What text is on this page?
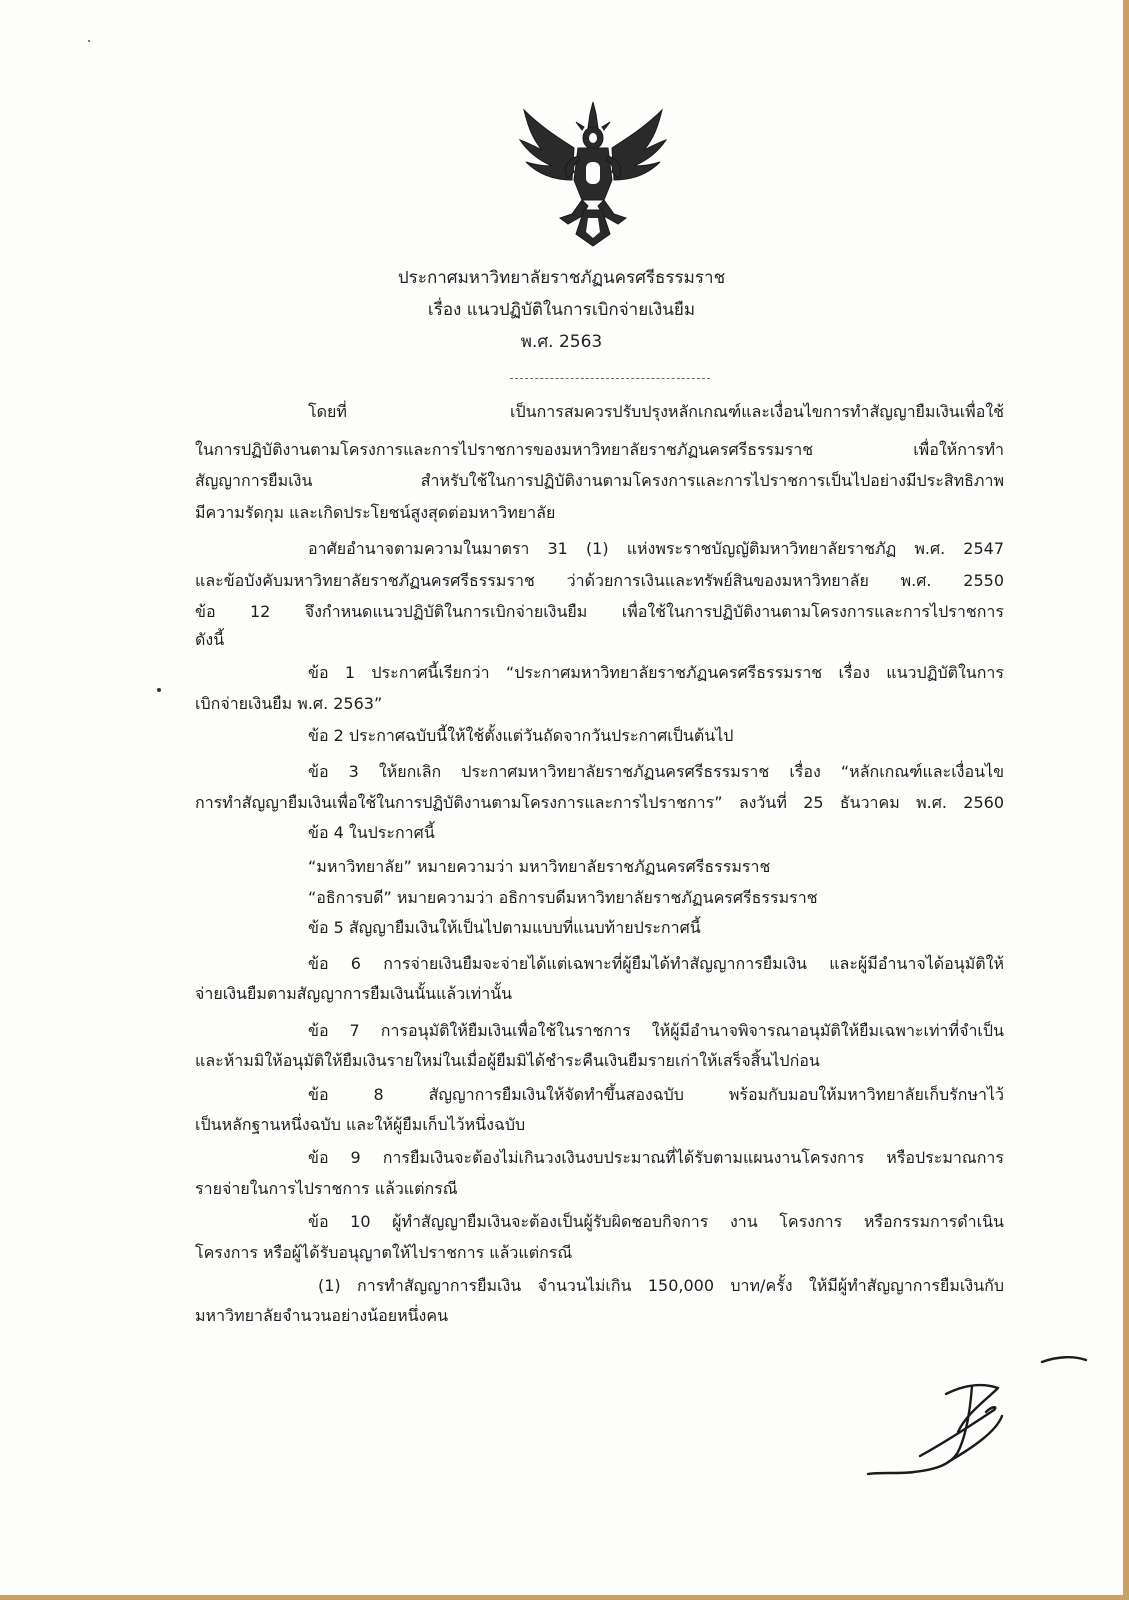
ประกาศมหาวิทยาลัยราชภัฏนครศรีธรรมราช
เรื่อง แนวปฏิบัติในการเบิกจ่ายเงินยืม
พ.ศ. 2563
โดยที่ เป็นการสมควรปรับปรุงหลักเกณฑ์และเงื่อนไขการทำสัญญายืมเงินเพื่อใช้
ในการปฏิบัติงานตามโครงการและการไปราชการของมหาวิทยาลัยราชภัฏนครศรีธรรมราช เพื่อให้การทำ
สัญญาการยืมเงิน สำหรับใช้ในการปฏิบัติงานตามโครงการและการไปราชการเป็นไปอย่างมีประสิทธิภาพ
มีความรัดกุม และเกิดประโยชน์สูงสุดต่อมหาวิทยาลัย
อาศัยอำนาจตามความในมาตรา 31 (1) แห่งพระราชบัญญัติมหาวิทยาลัยราชภัฏ พ.ศ. 2547
และข้อบังคับมหาวิทยาลัยราชภัฏนครศรีธรรมราช ว่าด้วยการเงินและทรัพย์สินของมหาวิทยาลัย พ.ศ. 2550
ข้อ 12 จึงกำหนดแนวปฏิบัติในการเบิกจ่ายเงินยืม เพื่อใช้ในการปฏิบัติงานตามโครงการและการไปราชการ
ดังนี้
ข้อ 1 ประกาศนี้เรียกว่า “ประกาศมหาวิทยาลัยราชภัฏนครศรีธรรมราช เรื่อง แนวปฏิบัติในการ
เบิกจ่ายเงินยืม พ.ศ. 2563”
ข้อ 2 ประกาศฉบับนี้ให้ใช้ตั้งแต่วันถัดจากวันประกาศเป็นต้นไป
ข้อ 3 ให้ยกเลิก ประกาศมหาวิทยาลัยราชภัฏนครศรีธรรมราช เรื่อง “หลักเกณฑ์และเงื่อนไข
การทำสัญญายืมเงินเพื่อใช้ในการปฏิบัติงานตามโครงการและการไปราชการ” ลงวันที่ 25 ธันวาคม พ.ศ. 2560
ข้อ 4 ในประกาศนี้
“มหาวิทยาลัย” หมายความว่า มหาวิทยาลัยราชภัฏนครศรีธรรมราช
“อธิการบดี” หมายความว่า อธิการบดีมหาวิทยาลัยราชภัฏนครศรีธรรมราช
ข้อ 5 สัญญายืมเงินให้เป็นไปตามแบบที่แนบท้ายประกาศนี้
ข้อ 6 การจ่ายเงินยืมจะจ่ายได้แต่เฉพาะที่ผู้ยืมได้ทำสัญญาการยืมเงิน และผู้มีอำนาจได้อนุมัติให้
จ่ายเงินยืมตามสัญญาการยืมเงินนั้นแล้วเท่านั้น
ข้อ 7 การอนุมัติให้ยืมเงินเพื่อใช้ในราชการ ให้ผู้มีอำนาจพิจารณาอนุมัติให้ยืมเฉพาะเท่าที่จำเป็น
และห้ามมิให้อนุมัติให้ยืมเงินรายใหม่ในเมื่อผู้ยืมมิได้ชำระคืนเงินยืมรายเก่าให้เสร็จสิ้นไปก่อน
ข้อ 8 สัญญาการยืมเงินให้จัดทำขึ้นสองฉบับ พร้อมกับมอบให้มหาวิทยาลัยเก็บรักษาไว้
เป็นหลักฐานหนึ่งฉบับ และให้ผู้ยืมเก็บไว้หนึ่งฉบับ
ข้อ 9 การยืมเงินจะต้องไม่เกินวงเงินงบประมาณที่ได้รับตามแผนงานโครงการ หรือประมาณการ
รายจ่ายในการไปราชการ แล้วแต่กรณี
ข้อ 10 ผู้ทำสัญญายืมเงินจะต้องเป็นผู้รับผิดชอบกิจการ งาน โครงการ หรือกรรมการดำเนิน
โครงการ หรือผู้ได้รับอนุญาตให้ไปราชการ แล้วแต่กรณี
(1) การทำสัญญาการยืมเงิน จำนวนไม่เกิน 150,000 บาท/ครั้ง ให้มีผู้ทำสัญญาการยืมเงินกับ
มหาวิทยาลัยจำนวนอย่างน้อยหนึ่งคน
